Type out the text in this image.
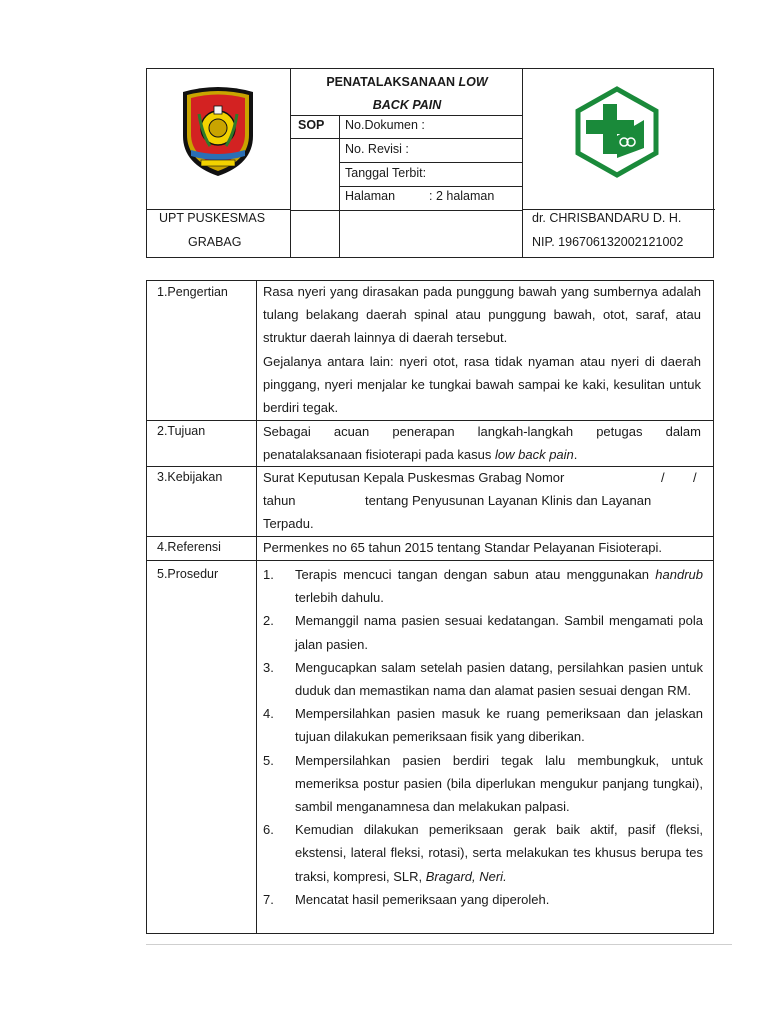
PENATALAKSANAAN LOW
BACK PAIN
SOP No.Dokumen :
No. Revisi :
Tanggal Terbit:
Halaman	: 2 halaman
UPT PUSKESMAS
GRABAG
dr. CHRISBANDARU D. H.
NIP. 196706132002121002
1.Pengertian	Rasa nyeri yang dirasakan pada punggung bawah yang sumbernya adalah tulang belakang daerah spinal atau punggung bawah, otot, saraf, atau struktur daerah lainnya di daerah tersebut.

Gejalanya antara lain: nyeri otot, rasa tidak nyaman atau nyeri di daerah pinggang, nyeri menjalar ke tungkai bawah sampai ke kaki, kesulitan untuk berdiri tegak.

2.Tujuan	Sebagai acuan penerapan langkah-langkah petugas dalam penatalaksanaan fisioterapi pada kasus low back pain.
3.Kebijakan	Surat Keputusan Kepala Puskesmas Grabag Nomor	/ /
tahun	tentang Penyusunan Layanan Klinis dan Layanan
Terpadu.
4.Referensi	Permenkes no 65 tahun 2015 tentang Standar Pelayanan Fisioterapi.
5.Prosedur	1. Terapis mencuci tangan dengan sabun atau menggunakan handrub terlebih dahulu.
2. Memanggil nama pasien sesuai kedatangan. Sambil mengamati pola jalan pasien.
3. Mengucapkan salam setelah pasien datang, persilahkan pasien untuk duduk dan memastikan nama dan alamat pasien sesuai dengan RM.
4. Mempersilahkan pasien masuk ke ruang pemeriksaan dan jelaskan tujuan dilakukan pemeriksaan fisik yang diberikan.
5. Mempersilahkan pasien berdiri tegak lalu membungkuk, untuk memeriksa postur pasien (bila diperlukan mengukur panjang tungkai), sambil menganamnesa dan melakukan palpasi.
6. Kemudian dilakukan pemeriksaan gerak baik aktif, pasif (fleksi, ekstensi, lateral fleksi, rotasi), serta melakukan tes khusus berupa tes traksi, kompresi, SLR, Bragard, Neri.
7. Mencatat hasil pemeriksaan yang diperoleh.
